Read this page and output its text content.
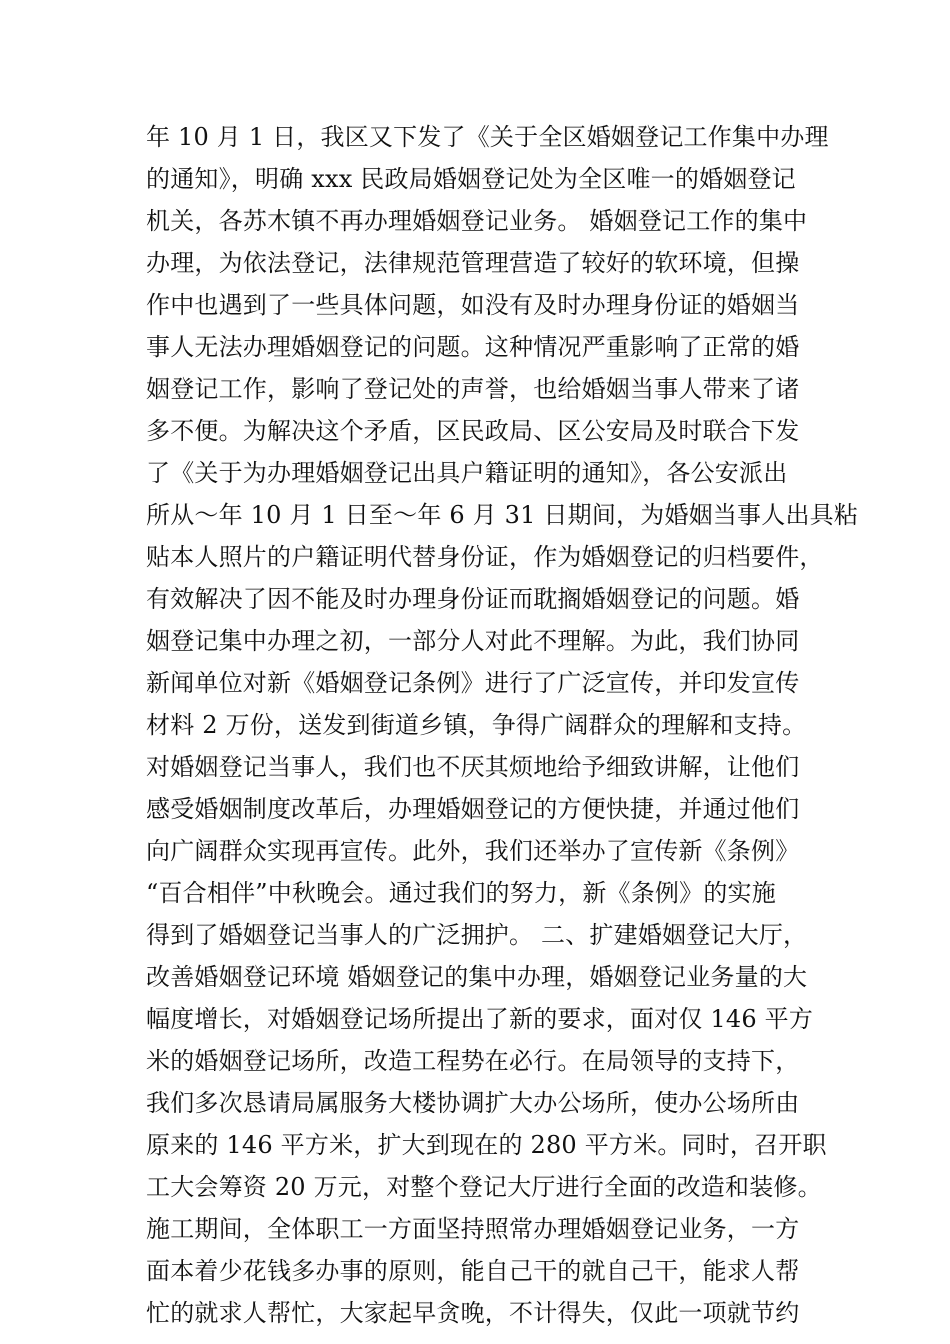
年 10 月 1 日，我区又下发了《关于全区婚姻登记工作集中办理
的通知》，明确 xxx 民政局婚姻登记处为全区唯一的婚姻登记
机关，各苏木镇不再办理婚姻登记业务。 婚姻登记工作的集中
办理，为依法登记，法律规范管理营造了较好的软环境，但操
作中也遇到了一些具体问题，如没有及时办理身份证的婚姻当
事人无法办理婚姻登记的问题。这种情况严重影响了正常的婚
姻登记工作，影响了登记处的声誉，也给婚姻当事人带来了诸
多不便。为解决这个矛盾，区民政局、区公安局及时联合下发
了《关于为办理婚姻登记出具户籍证明的通知》，各公安派出
所从～年 10 月 1 日至～年 6 月 31 日期间，为婚姻当事人出具粘
贴本人照片的户籍证明代替身份证，作为婚姻登记的归档要件，
有效解决了因不能及时办理身份证而耽搁婚姻登记的问题。婚
姻登记集中办理之初，一部分人对此不理解。为此，我们协同
新闻单位对新《婚姻登记条例》进行了广泛宣传，并印发宣传
材料 2 万份，送发到街道乡镇，争得广阔群众的理解和支持。
对婚姻登记当事人，我们也不厌其烦地给予细致讲解，让他们
感受婚姻制度改革后，办理婚姻登记的方便快捷，并通过他们
向广阔群众实现再宣传。此外，我们还举办了宣传新《条例》
“百合相伴”中秋晚会。通过我们的努力，新《条例》的实施
得到了婚姻登记当事人的广泛拥护。 二、扩建婚姻登记大厅，
改善婚姻登记环境 婚姻登记的集中办理，婚姻登记业务量的大
幅度增长，对婚姻登记场所提出了新的要求，面对仅 146 平方
米的婚姻登记场所，改造工程势在必行。在局领导的支持下，
我们多次恳请局属服务大楼协调扩大办公场所，使办公场所由
原来的 146 平方米，扩大到现在的 280 平方米。同时，召开职
工大会筹资 20 万元，对整个登记大厅进行全面的改造和装修。
施工期间，全体职工一方面坚持照常办理婚姻登记业务，一方
面本着少花钱多办事的原则，能自己干的就自己干，能求人帮
忙的就求人帮忙，大家起早贪晚，不计得失，仅此一项就节约
